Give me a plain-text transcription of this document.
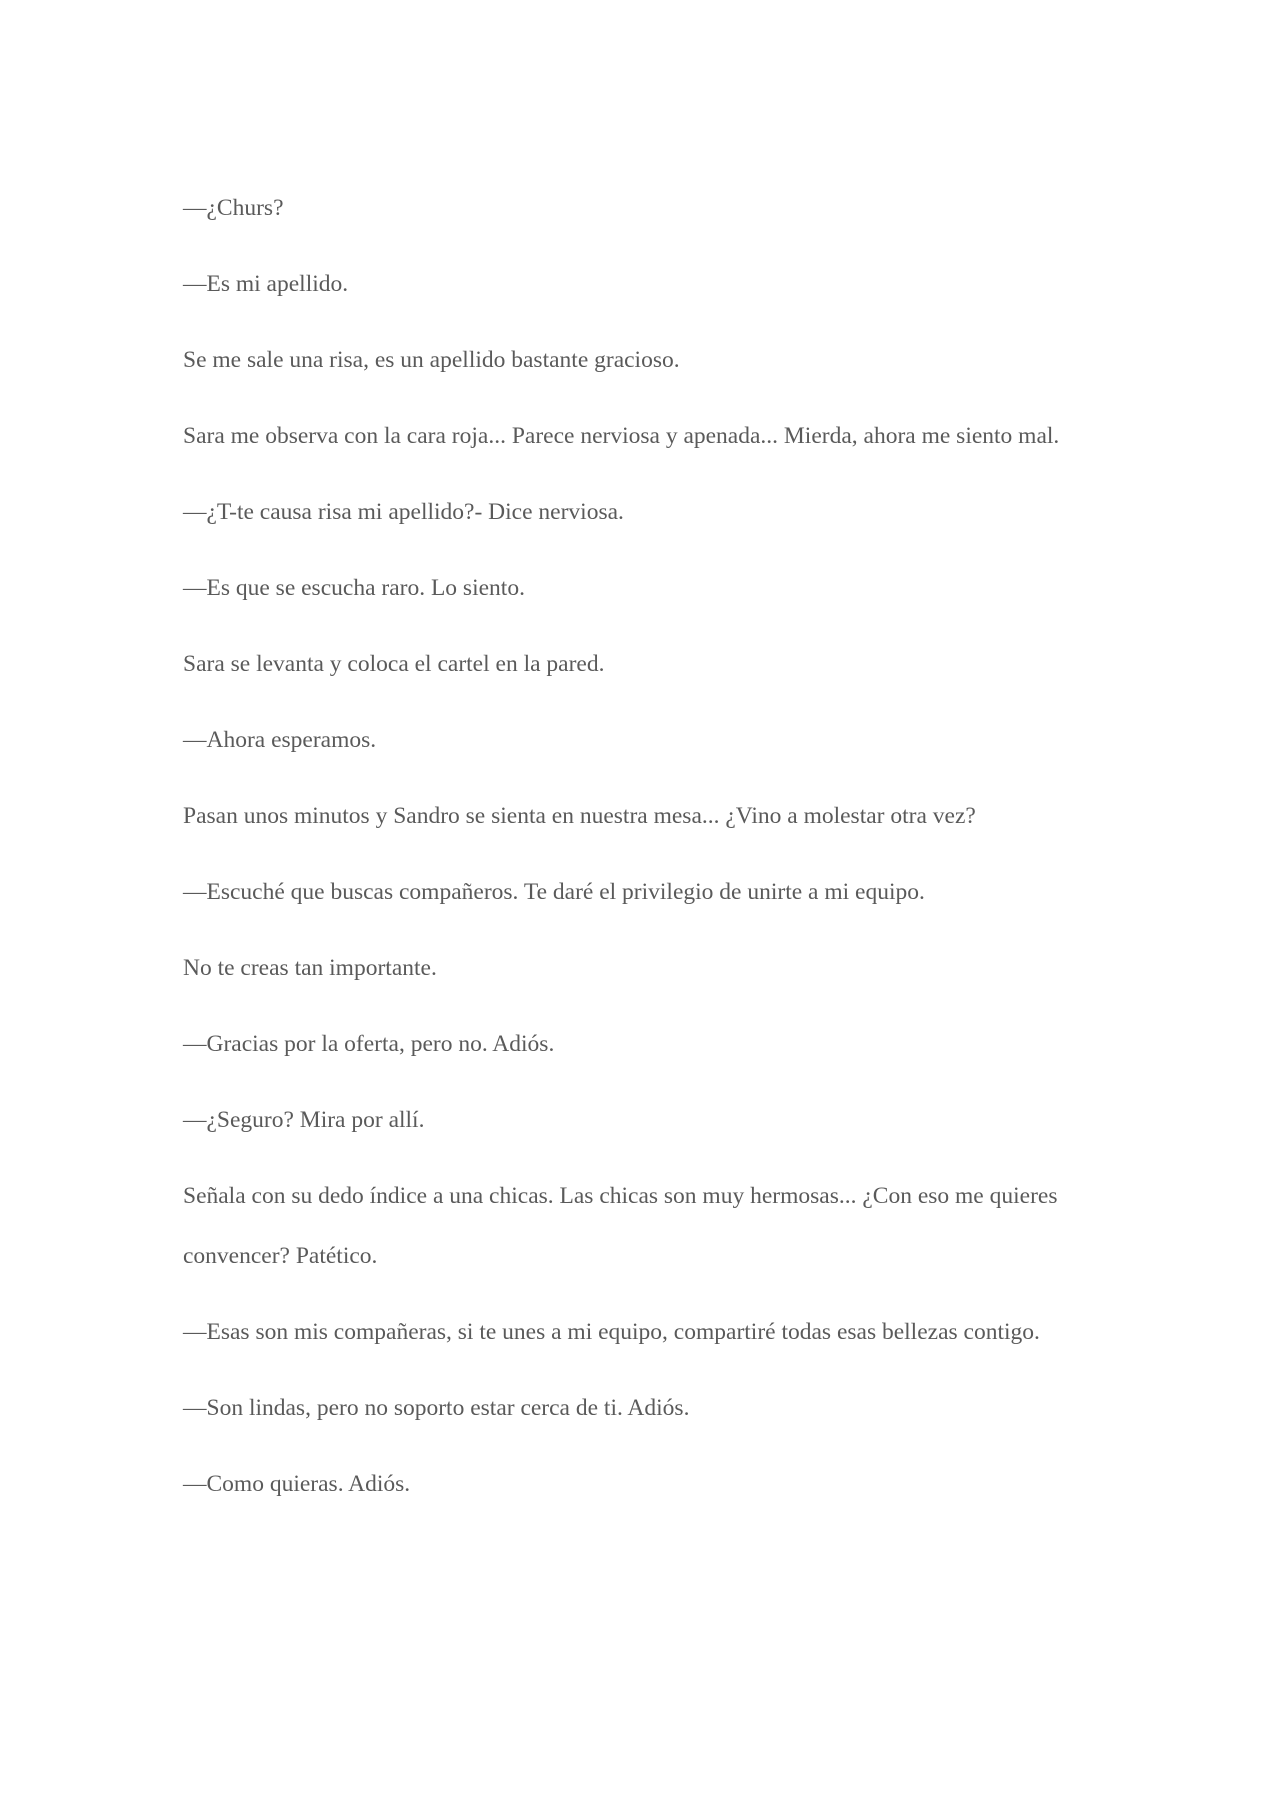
—¿Churs?

—Es mi apellido.

Se me sale una risa, es un apellido bastante gracioso.

Sara me observa con la cara roja... Parece nerviosa y apenada... Mierda, ahora me siento mal.

—¿T-te causa risa mi apellido?- Dice nerviosa.

—Es que se escucha raro. Lo siento.

Sara se levanta y coloca el cartel en la pared.

—Ahora esperamos.

Pasan unos minutos y Sandro se sienta en nuestra mesa... ¿Vino a molestar otra vez?

—Escuché que buscas compañeros. Te daré el privilegio de unirte a mi equipo.

No te creas tan importante.

—Gracias por la oferta, pero no. Adiós.

—¿Seguro? Mira por allí.

Señala con su dedo índice a una chicas. Las chicas son muy hermosas... ¿Con eso me quieres convencer? Patético.

—Esas son mis compañeras, si te unes a mi equipo, compartiré todas esas bellezas contigo.

—Son lindas, pero no soporto estar cerca de ti. Adiós.

—Como quieras. Adiós.
